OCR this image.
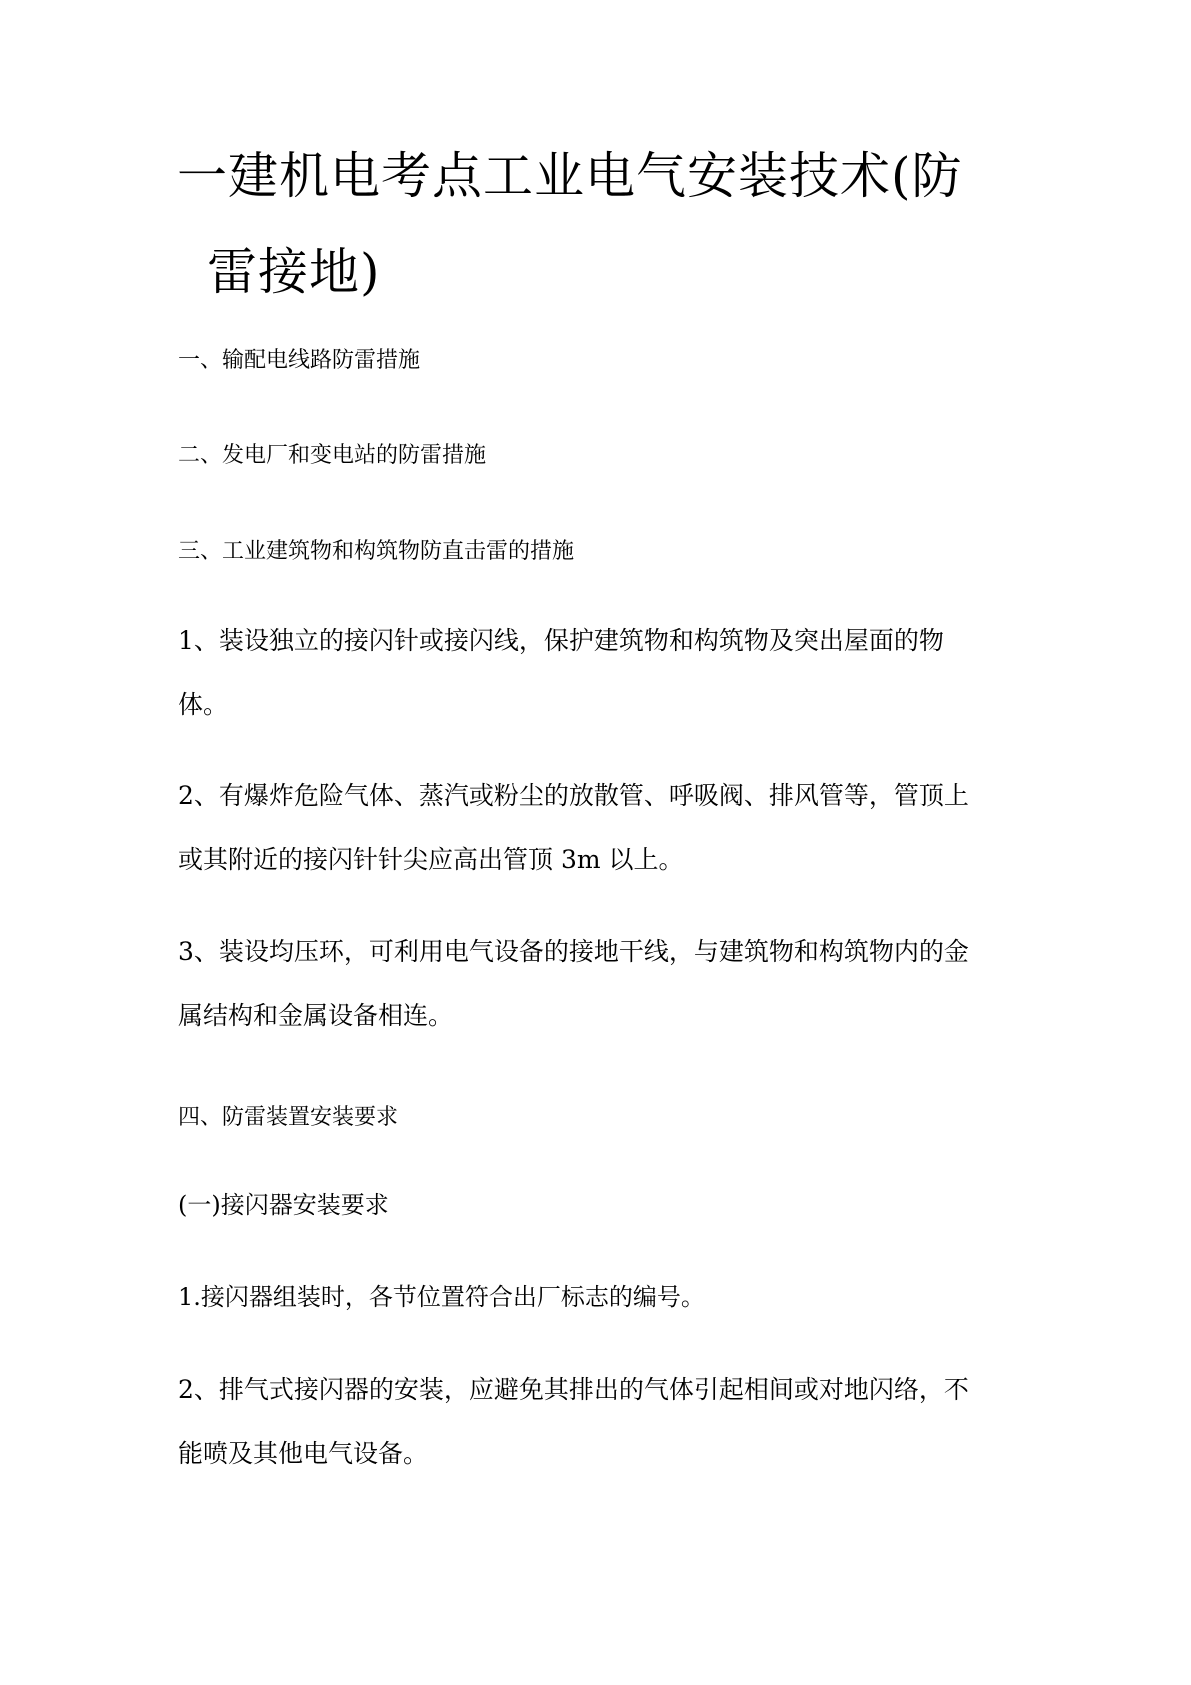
一建机电考点工业电气安装技术(防
雷接地)

一、输配电线路防雷措施

二、发电厂和变电站的防雷措施

三、工业建筑物和构筑物防直击雷的措施

1、装设独立的接闪针或接闪线，保护建筑物和构筑物及突出屋面的物
体。
2、有爆炸危险气体、蒸汽或粉尘的放散管、呼吸阀、排风管等，管顶上
或其附近的接闪针针尖应高出管顶 3m 以上。
3、装设均压环，可利用电气设备的接地干线，与建筑物和构筑物内的金
属结构和金属设备相连。

四、防雷装置安装要求

(一)接闪器安装要求

1.接闪器组装时，各节位置符合出厂标志的编号。

2、排气式接闪器的安装，应避免其排出的气体引起相间或对地闪络，不
能喷及其他电气设备。
